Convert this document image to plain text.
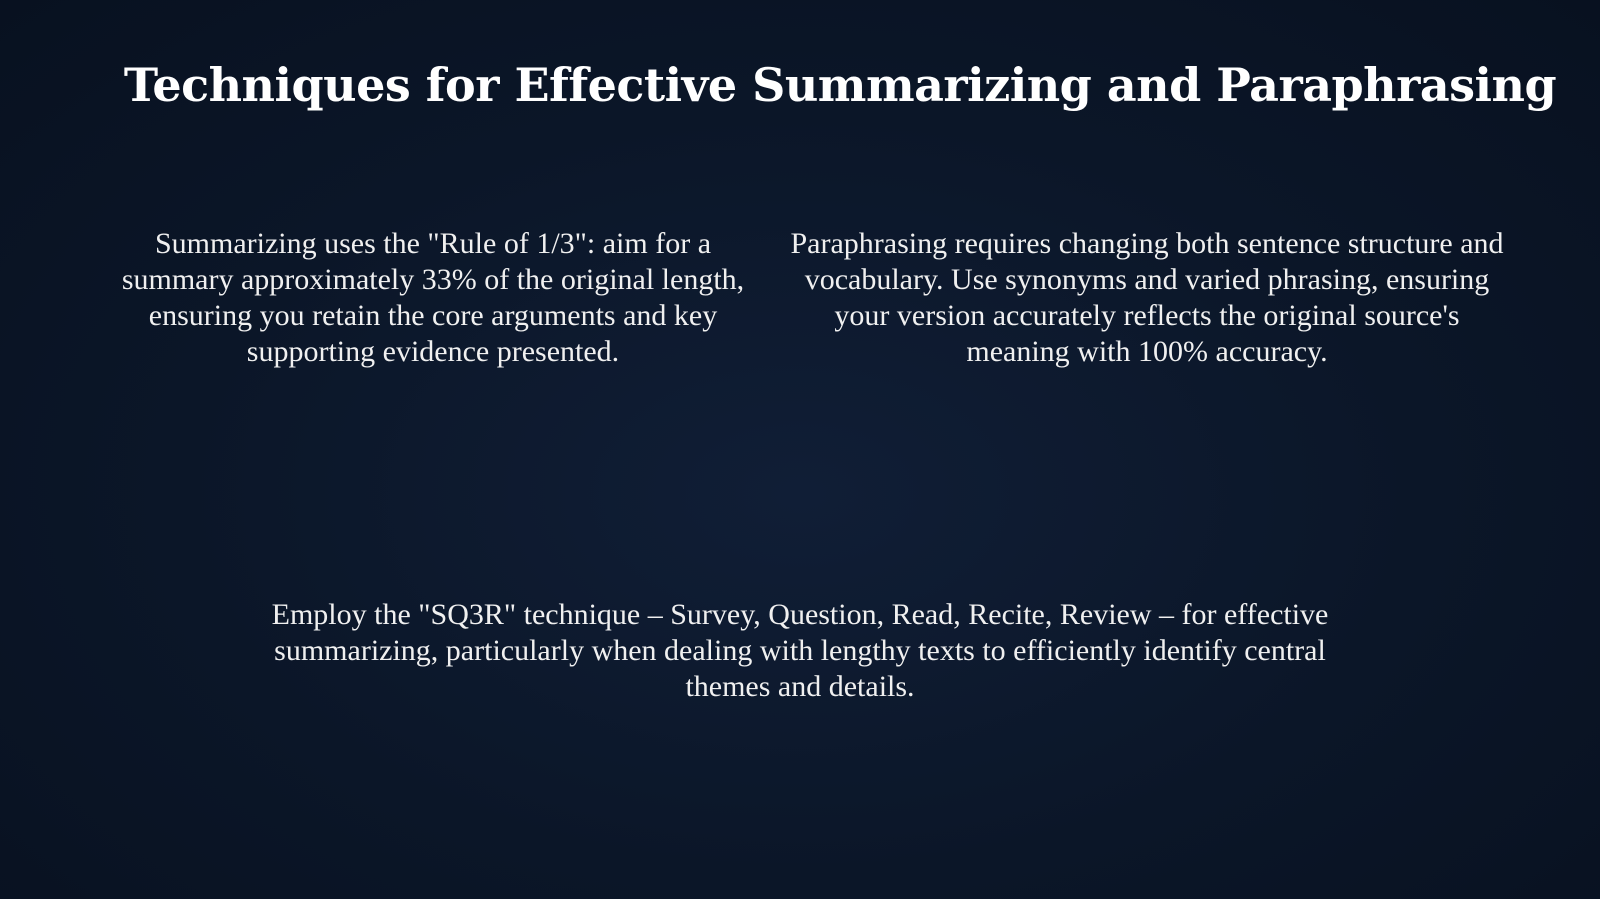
Techniques for Effective Summarizing and Paraphrasing

Summarizing uses the "Rule of 1/3": aim for a summary approximately 33% of the original length, ensuring you retain the core arguments and key supporting evidence presented.

Paraphrasing requires changing both sentence structure and vocabulary. Use synonyms and varied phrasing, ensuring your version accurately reflects the original source's meaning with 100% accuracy.

Employ the "SQ3R" technique – Survey, Question, Read, Recite, Review – for effective summarizing, particularly when dealing with lengthy texts to efficiently identify central themes and details.
